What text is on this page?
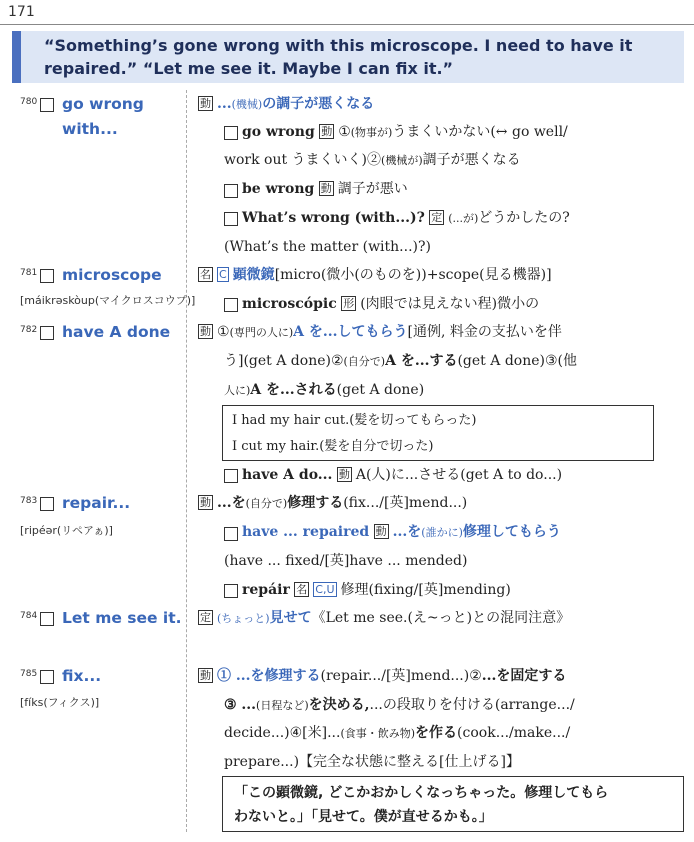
171
“Something’s gone wrong with this microscope. I need to have it
repaired.” “Let me see it. Maybe I can fix it.”
780 go wrong
with...
動 ...(機械)の調子が悪くなる
go wrong 動 ①(物事が)うまくいかない(↔ go well/
work out うまくいく)②(機械が)調子が悪くなる
be wrong 動 調子が悪い
What’s wrong (with...)? 定 (...が)どうかしたの?
(What’s the matter (with...)?)
781 microscope
[máikrəskòup(マイクロスコウプ)]
名 C 顕微鏡[micro(微小(のものを))+scope(見る機器)]
microscópic 形 (肉眼では見えない程)微小の
782 have A done	動 ①(専門の人に)A を...してもらう[通例, 料金の支払いを伴
う](get A done)②(自分で)A を...する(get A done)③(他
人に)A を...される(get A done)
I had my hair cut.(髪を切ってもらった)
I cut my hair.(髪を自分で切った)
have A do... 動 A(人)に...させる(get A to do...)
783 repair...
[ripéər(リペアぁ)]
動 ...を(自分で)修理する(fix.../[英]mend...)
have ... repaired 動 ...を(誰かに)修理してもらう
(have ... fixed/[英]have ... mended)
repáir 名 C,U 修理(fixing/[英]mending)
784 Let me see it. 定 (ちょっと)見せて《Let me see.(え~っと)との混同注意》
785 fix...
[fíks(フィクス)]
動 ① ...を修理する(repair.../[英]mend...)②...を固定する
③ ...(日程など)を決める,...の段取りを付ける(arrange.../
decide...)④[米]...(食事・飲み物)を作る(cook.../make.../
prepare...)【完全な状態に整える[仕上げる]】
「この顕微鏡, どこかおかしくなっちゃった。修理してもら
わないと。」「見せて。僕が直せるかも。」
